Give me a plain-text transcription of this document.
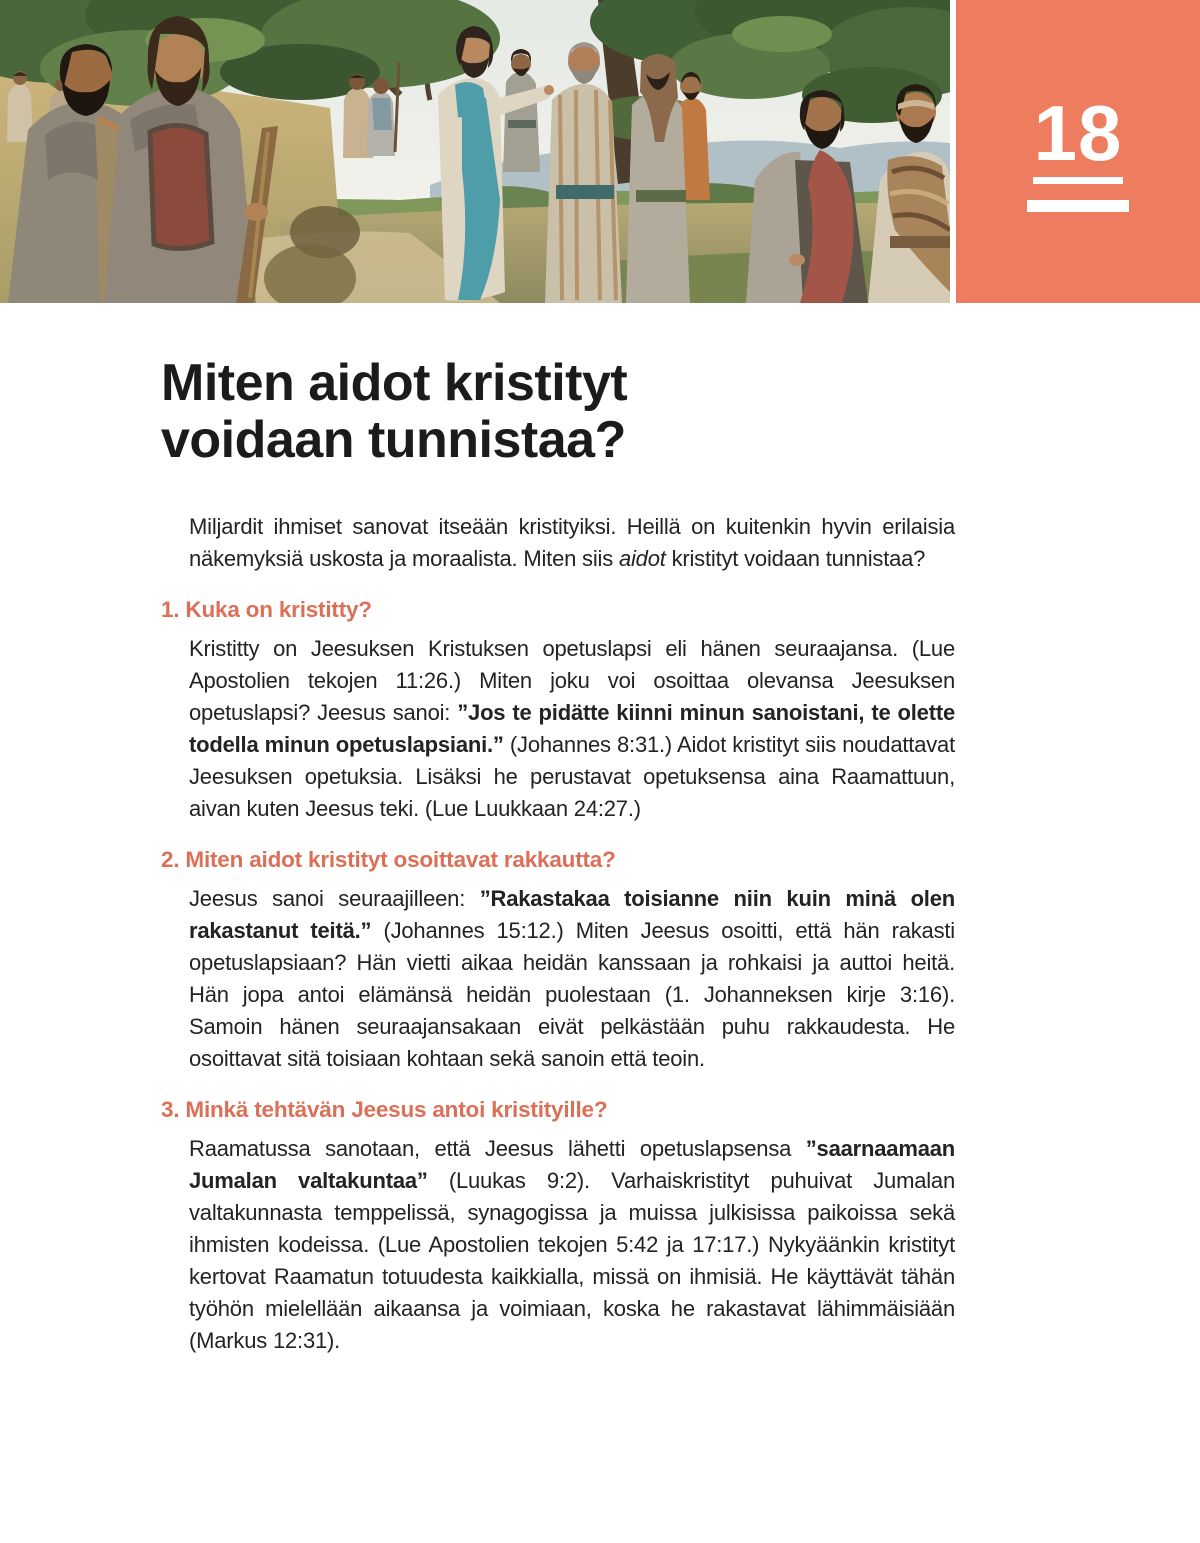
18
Miten aidot kristityt
voidaan tunnistaa?

Miljardit ihmiset sanovat itseään kristityiksi. Heillä on kuitenkin hyvin erilaisia näkemyksiä uskosta ja moraalista. Miten siis aidot kristityt voidaan tunnistaa?

1. Kuka on kristitty?

Kristitty on Jeesuksen Kristuksen opetuslapsi eli hänen seuraajansa. (Lue Apostolien tekojen 11:26.) Miten joku voi osoittaa olevansa Jeesuksen opetuslapsi? Jeesus sanoi: ”Jos te pidätte kiinni minun sanoistani, te olette todella minun opetuslapsiani.” (Johannes 8:31.) Aidot kristityt siis noudattavat Jeesuksen opetuksia. Lisäksi he perustavat opetuksensa aina Raamattuun, aivan kuten Jeesus teki. (Lue Luukkaan 24:27.)

2. Miten aidot kristityt osoittavat rakkautta?

Jeesus sanoi seuraajilleen: ”Rakastakaa toisianne niin kuin minä olen rakastanut teitä.” (Johannes 15:12.) Miten Jeesus osoitti, että hän rakasti opetuslapsiaan? Hän vietti aikaa heidän kanssaan ja rohkaisi ja auttoi heitä. Hän jopa antoi elämänsä heidän puolestaan (1. Johanneksen kirje 3:16). Samoin hänen seuraajansakaan eivät pelkästään puhu rakkaudesta. He osoittavat sitä toisiaan kohtaan sekä sanoin että teoin.

3. Minkä tehtävän Jeesus antoi kristityille?

Raamatussa sanotaan, että Jeesus lähetti opetuslapsensa ”saarnaamaan Jumalan valtakuntaa” (Luukas 9:2). Varhaiskristityt puhuivat Jumalan valtakunnasta temppelissä, synagogissa ja muissa julkisissa paikoissa sekä ihmisten kodeissa. (Lue Apostolien tekojen 5:42 ja 17:17.) Nykyäänkin kristityt kertovat Raamatun totuudesta kaikkialla, missä on ihmisiä. He käyttävät tähän työhön mielellään aikaansa ja voimiaan, koska he rakastavat lähimmäisiään (Markus 12:31).
